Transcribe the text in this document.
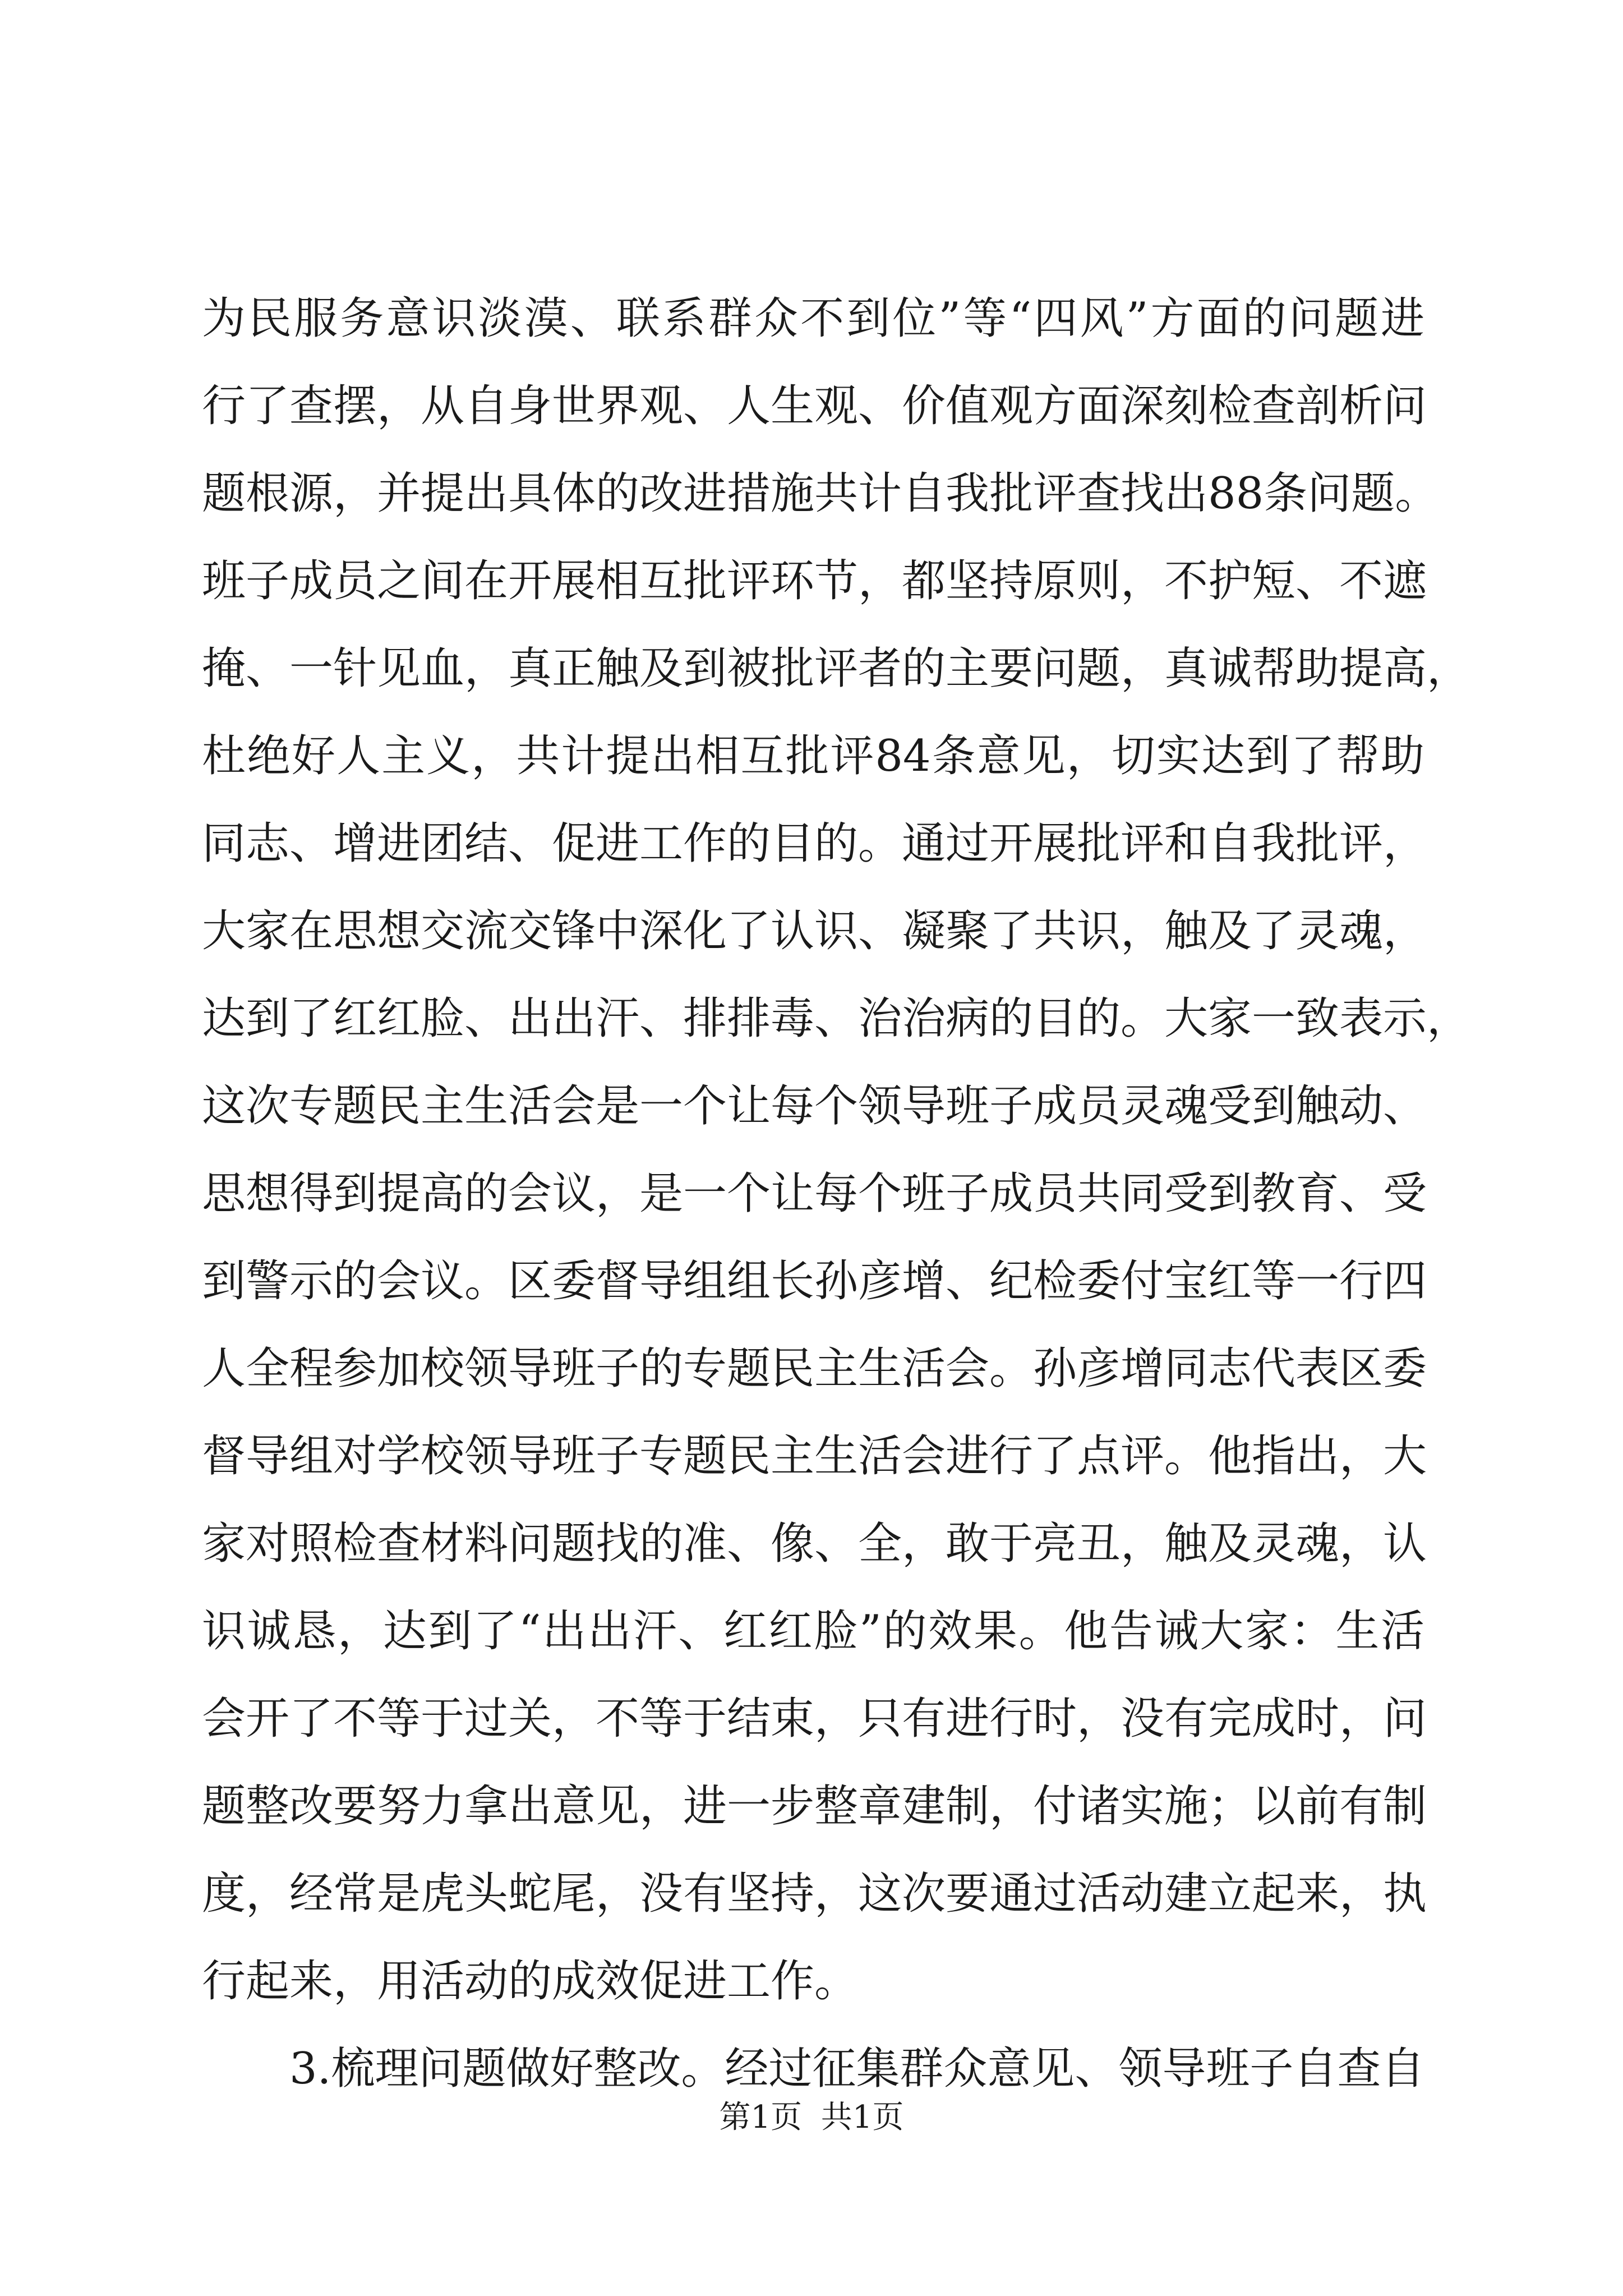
为民服务意识淡漠、联系群众不到位”等“四风”方面的问题进
行了查摆，从自身世界观、人生观、价值观方面深刻检查剖析问
题根源，并提出具体的改进措施共计自我批评查找出88条问题。
班子成员之间在开展相互批评环节，都坚持原则，不护短、不遮
掩、一针见血，真正触及到被批评者的主要问题，真诚帮助提高，
杜绝好人主义，共计提出相互批评84条意见，切实达到了帮助
同志、增进团结、促进工作的目的。通过开展批评和自我批评，
大家在思想交流交锋中深化了认识、凝聚了共识，触及了灵魂，
达到了红红脸、出出汗、排排毒、治治病的目的。大家一致表示，
这次专题民主生活会是一个让每个领导班子成员灵魂受到触动、
思想得到提高的会议，是一个让每个班子成员共同受到教育、受
到警示的会议。区委督导组组长孙彦增、纪检委付宝红等一行四
人全程参加校领导班子的专题民主生活会。孙彦增同志代表区委
督导组对学校领导班子专题民主生活会进行了点评。他指出，大
家对照检查材料问题找的准、像、全，敢于亮丑，触及灵魂，认
识诚恳，达到了“出出汗、红红脸”的效果。他告诫大家：生活
会开了不等于过关，不等于结束，只有进行时，没有完成时，问
题整改要努力拿出意见，进一步整章建制，付诸实施；以前有制
度，经常是虎头蛇尾，没有坚持，这次要通过活动建立起来，执
行起来，用活动的成效促进工作。
3.梳理问题做好整改。经过征集群众意见、领导班子自查自
第1页 共1页
